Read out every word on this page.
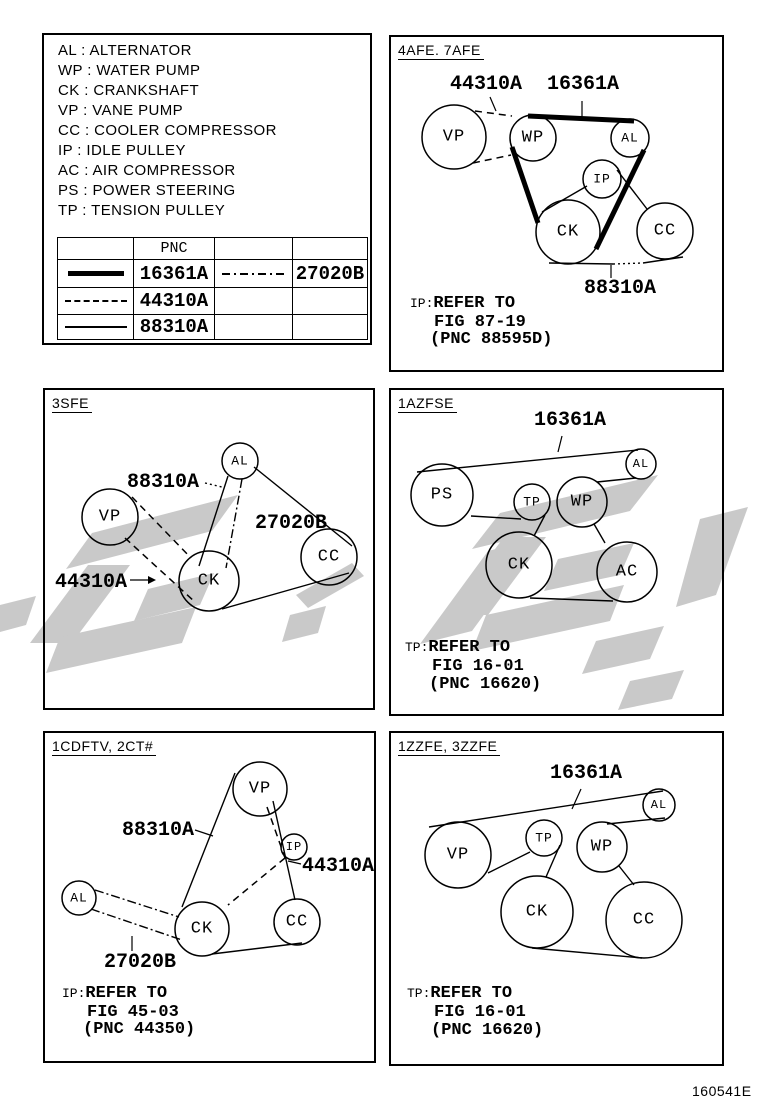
AL : ALTERNATOR
WP : WATER PUMP
CK : CRANKSHAFT
VP : VANE PUMP
CC : COOLER COMPRESSOR
IP : IDLE PULLEY
AC : AIR COMPRESSOR
PS : POWER STEERING
TP : TENSION PULLEY
	PNC		

	16361A		27020B

	44310A		

	88310A		
4AFE. 7AFE
44310A 16361A
88310A
VP	WP	AL
IP
CK	CC
IP:REFER TO
FIG 87-19
(PNC 88595D)
3SFE
88310A
27020B
44310A
AL
VP
CK
CC
1AZFSE
16361A
PS	TP WP
AL
CK	AC
TP:REFER TO
FIG 16-01
(PNC 16620)
1CDFTV, 2CT#
88310A
44310A
27020B
VP
IP
AL
CK	CC
IP:REFER TO
FIG 45-03
(PNC 44350)
1ZZFE, 3ZZFE
16361A
VP
TP WP
AL
CK	CC
TP:REFER TO
FIG 16-01
(PNC 16620)
160541E
